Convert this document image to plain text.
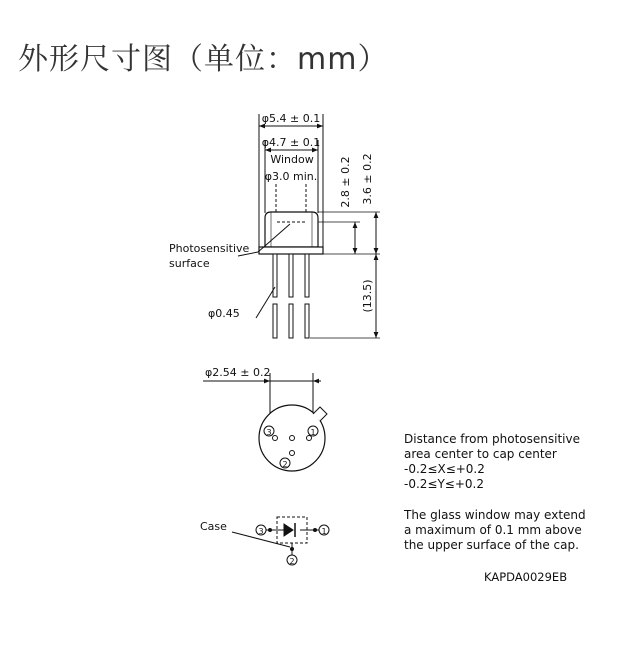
外形尺寸图（单位：mm）
φ5.4 ± 0.1
φ4.7 ± 0.1
Window
φ3.0 min. 2.8 ± 0.2 3.6 ± 0.2
(13.5)
Photosensitive
surface
φ0.45
φ2.54 ± 0.2
3
2
1
Case	3	1
2
Distance from photosensitive
area center to cap center
-0.2≤X≤+0.2
-0.2≤Y≤+0.2
The glass window may extend
a maximum of 0.1 mm above
the upper surface of the cap.
KAPDA0029EB
